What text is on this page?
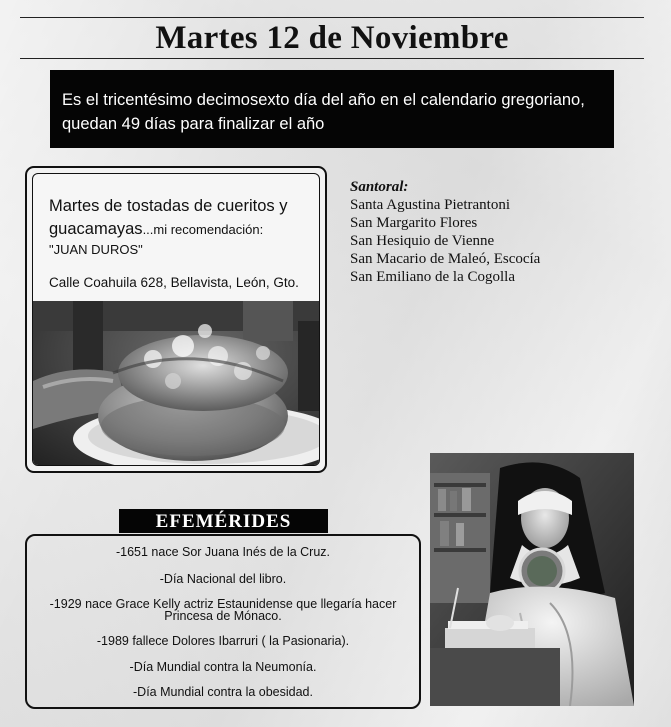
Martes 12 de Noviembre
Es el tricentésimo decimosexto día del año en el calendario gregoriano,
quedan 49 días para finalizar el año
Martes de tostadas de cueritos y
guacamayas...mi recomendación:
"JUAN DUROS"
Calle Coahuila 628, Bellavista, León, Gto.
Santoral:
Santa Agustina Pietrantoni
San Margarito Flores
San Hesiquio de Vienne
San Macario de Maleó, Escocía
San Emiliano de la Cogolla
EFEMÉRIDES
-1651 nace Sor Juana Inés de la Cruz.
-Día Nacional del libro.
-1929 nace Grace Kelly actriz Estaunidense que llegaría hacer
Princesa de Mónaco.
-1989 fallece Dolores Ibarruri ( la Pasionaria).
-Día Mundial contra la Neumonía.
-Día Mundial contra la obesidad.
